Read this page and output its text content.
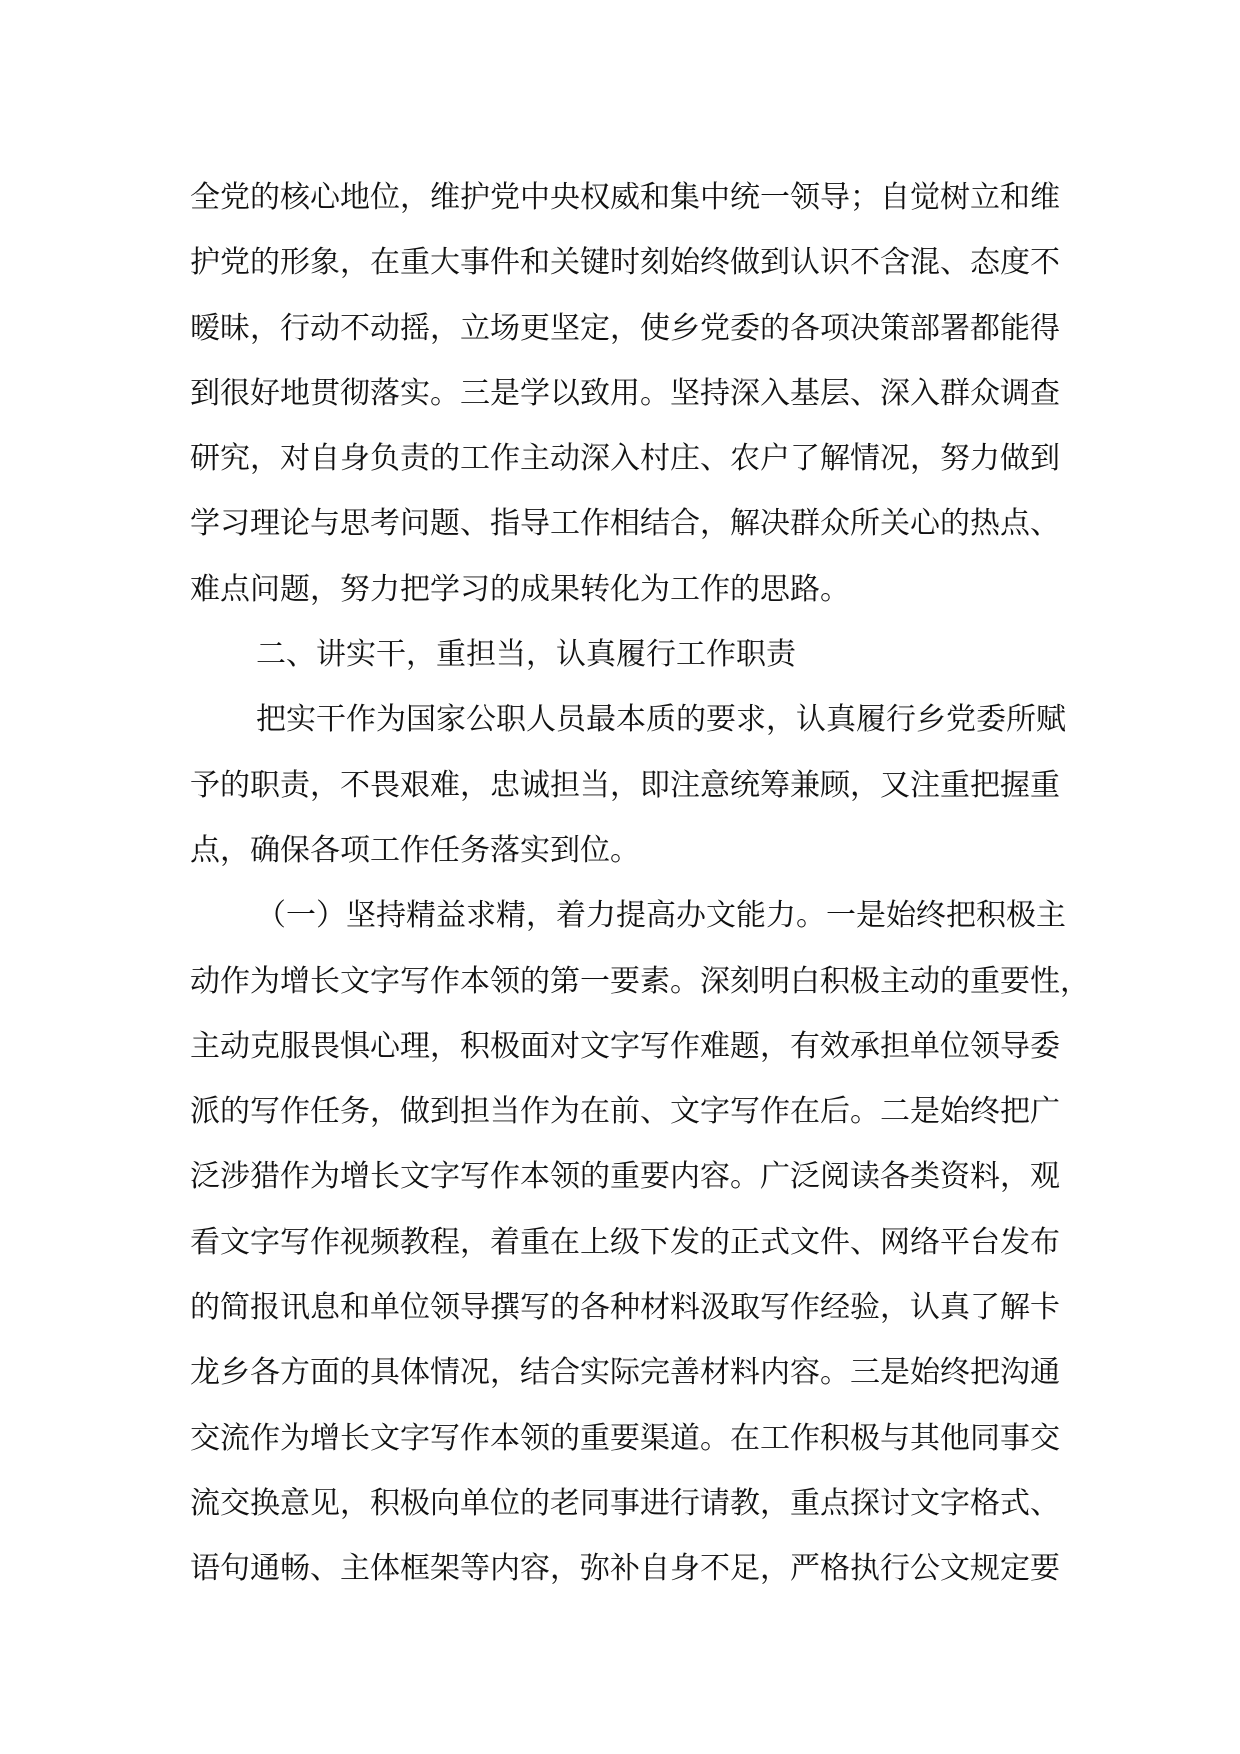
全党的核心地位，维护党中央权威和集中统一领导；自觉树立和维
护党的形象，在重大事件和关键时刻始终做到认识不含混、态度不
暧昧，行动不动摇，立场更坚定，使乡党委的各项决策部署都能得
到很好地贯彻落实。三是学以致用。坚持深入基层、深入群众调查
研究，对自身负责的工作主动深入村庄、农户了解情况，努力做到
学习理论与思考问题、指导工作相结合，解决群众所关心的热点、
难点问题，努力把学习的成果转化为工作的思路。
二、讲实干，重担当，认真履行工作职责
把实干作为国家公职人员最本质的要求，认真履行乡党委所赋
予的职责，不畏艰难，忠诚担当，即注意统筹兼顾，又注重把握重
点，确保各项工作任务落实到位。
（一）坚持精益求精，着力提高办文能力。一是始终把积极主
动作为增长文字写作本领的第一要素。深刻明白积极主动的重要性，
主动克服畏惧心理，积极面对文字写作难题，有效承担单位领导委
派的写作任务，做到担当作为在前、文字写作在后。二是始终把广
泛涉猎作为增长文字写作本领的重要内容。广泛阅读各类资料，观
看文字写作视频教程，着重在上级下发的正式文件、网络平台发布
的简报讯息和单位领导撰写的各种材料汲取写作经验，认真了解卡
龙乡各方面的具体情况，结合实际完善材料内容。三是始终把沟通
交流作为增长文字写作本领的重要渠道。在工作积极与其他同事交
流交换意见，积极向单位的老同事进行请教，重点探讨文字格式、
语句通畅、主体框架等内容，弥补自身不足，严格执行公文规定要
